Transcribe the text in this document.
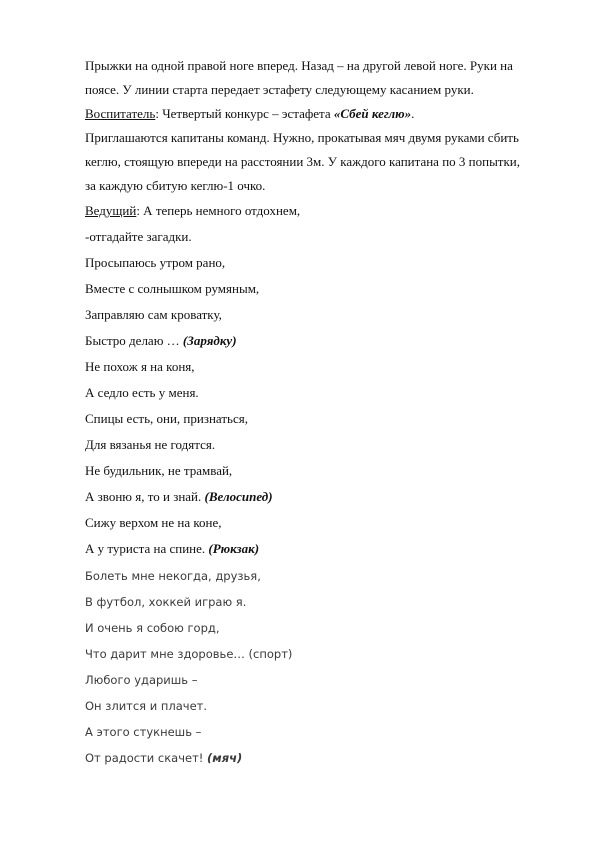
Прыжки на одной правой ноге вперед. Назад – на другой левой ноге. Руки на
поясе. У линии старта передает эстафету следующему касанием руки.
Воспитатель: Четвертый конкурс – эстафета «Сбей кеглю».
Приглашаются капитаны команд. Нужно, прокатывая мяч двумя руками сбить
кеглю, стоящую впереди на расстоянии 3м. У каждого капитана по 3 попытки,
за каждую сбитую кеглю-1 очко.
Ведущий: А теперь немного отдохнем,
-отгадайте загадки.
Просыпаюсь утром рано,
Вместе с солнышком румяным,
Заправляю сам кроватку,
Быстро делаю … (Зарядку)
Не похож я на коня,
А седло есть у меня.
Спицы есть, они, признаться,
Для вязанья не годятся.
Не будильник, не трамвай,
А звоню я, то и знай. (Велосипед)
Сижу верхом не на коне,
А у туриста на спине. (Рюкзак)
Болеть мне некогда, друзья,
В футбол, хоккей играю я.
И очень я собою горд,
Что дарит мне здоровье… (спорт)
Любого ударишь –
Он злится и плачет.
А этого стукнешь –
От радости скачет! (мяч)
